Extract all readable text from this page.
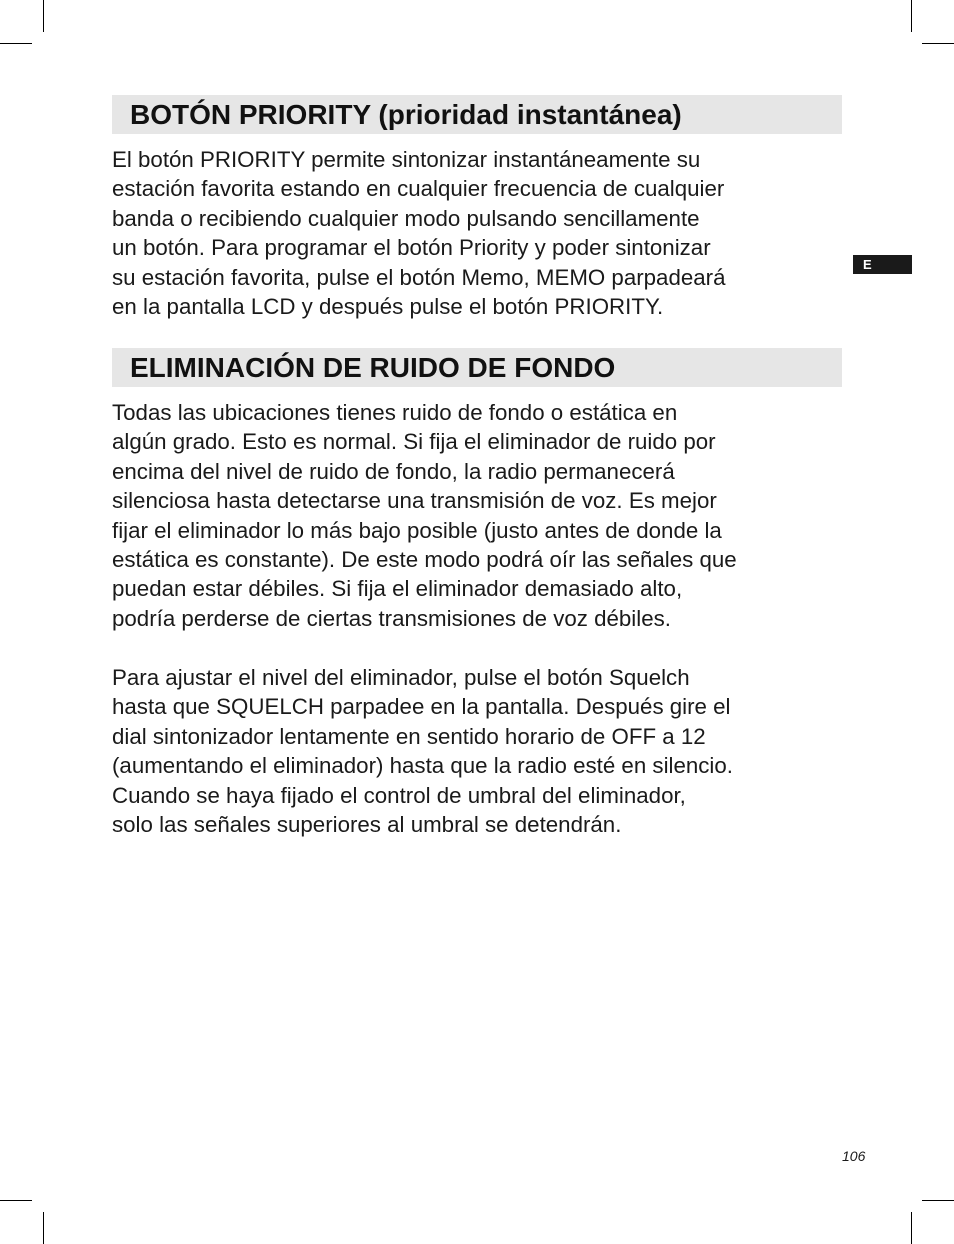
BOTÓN PRIORITY (prioridad instantánea)
El botón PRIORITY permite sintonizar instantáneamente su
estación favorita estando en cualquier frecuencia de cualquier
banda o recibiendo cualquier modo pulsando sencillamente
un botón. Para programar el botón Priority y poder sintonizar
su estación favorita, pulse el botón Memo, MEMO parpadeará
en la pantalla LCD y después pulse el botón PRIORITY.
E
ELIMINACIÓN DE RUIDO DE FONDO
Todas las ubicaciones tienes ruido de fondo o estática en
algún grado. Esto es normal. Si fija el eliminador de ruido por
encima del nivel de ruido de fondo, la radio permanecerá
silenciosa hasta detectarse una transmisión de voz. Es mejor
fijar el eliminador lo más bajo posible (justo antes de donde la
estática es constante). De este modo podrá oír las señales que
puedan estar débiles. Si fija el eliminador demasiado alto,
podría perderse de ciertas transmisiones de voz débiles.
Para ajustar el nivel del eliminador, pulse el botón Squelch
hasta que SQUELCH parpadee en la pantalla. Después gire el
dial sintonizador lentamente en sentido horario de OFF a 12
(aumentando el eliminador) hasta que la radio esté en silencio.
Cuando se haya fijado el control de umbral del eliminador,
solo las señales superiores al umbral se detendrán.
106
